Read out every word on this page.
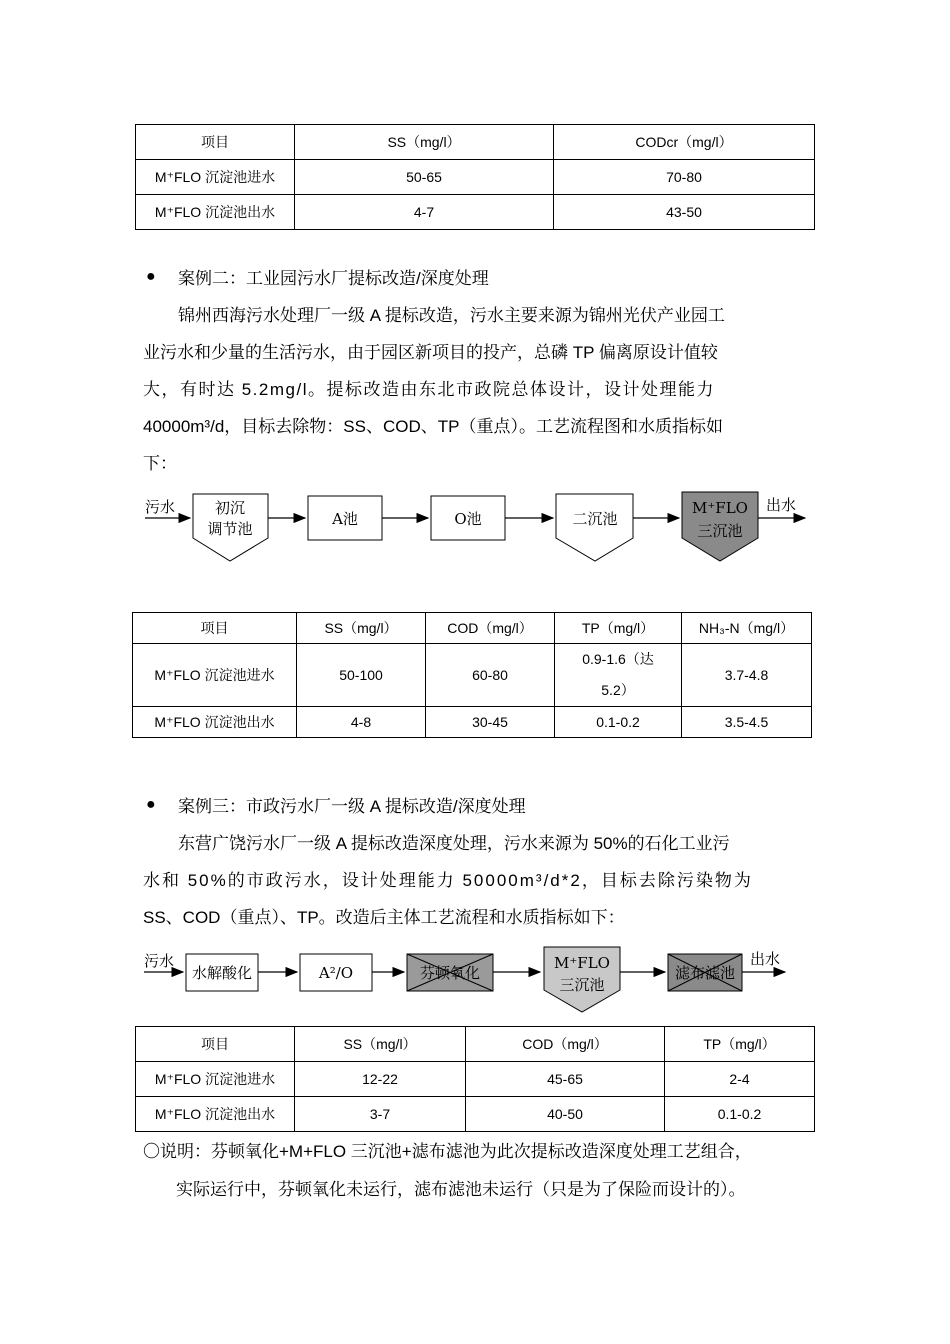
项目	SS（mg/l）	CODcr（mg/l）
M⁺FLO 沉淀池进水	50-65	70-80
M⁺FLO 沉淀池出水	4-7	43-50
● 案例二：工业园污水厂提标改造/深度处理
锦州西海污水处理厂一级 A 提标改造，污水主要来源为锦州光伏产业园工
业污水和少量的生活污水，由于园区新项目的投产，总磷 TP 偏离原设计值较
大，有时达 5.2mg/l。提标改造由东北市政院总体设计，设计处理能力
40000m³/d，目标去除物：SS、COD、TP（重点）。工艺流程图和水质指标如
下：
污水	初沉
调节池
A池	O池	二沉池
M⁺FLO
三沉池
出水
污水
水解酸化	A²/O	芬顿氧化
M⁺FLO
三沉池
滤布滤池
出水
项目	SS（mg/l）	COD（mg/l）	TP（mg/l）	NH₃-N（mg/l）
M⁺FLO 沉淀池进水	50-100	60-80	0.9-1.6（达
5.2）	3.7-4.8
M⁺FLO 沉淀池出水	4-8	30-45	0.1-0.2	3.5-4.5
● 案例三：市政污水厂一级 A 提标改造/深度处理
东营广饶污水厂一级 A 提标改造深度处理，污水来源为 50%的石化工业污
水和 50%的市政污水，设计处理能力 50000m³/d*2，目标去除污染物为
SS、COD（重点）、TP。改造后主体工艺流程和水质指标如下：
项目	SS（mg/l）	COD（mg/l）	TP（mg/l）
M⁺FLO 沉淀池进水	12-22	45-65	2-4
M⁺FLO 沉淀池出水	3-7	40-50	0.1-0.2
〇说明：芬顿氧化+M+FLO 三沉池+滤布滤池为此次提标改造深度处理工艺组合，
实际运行中，芬顿氧化未运行，滤布滤池未运行（只是为了保险而设计的）。
